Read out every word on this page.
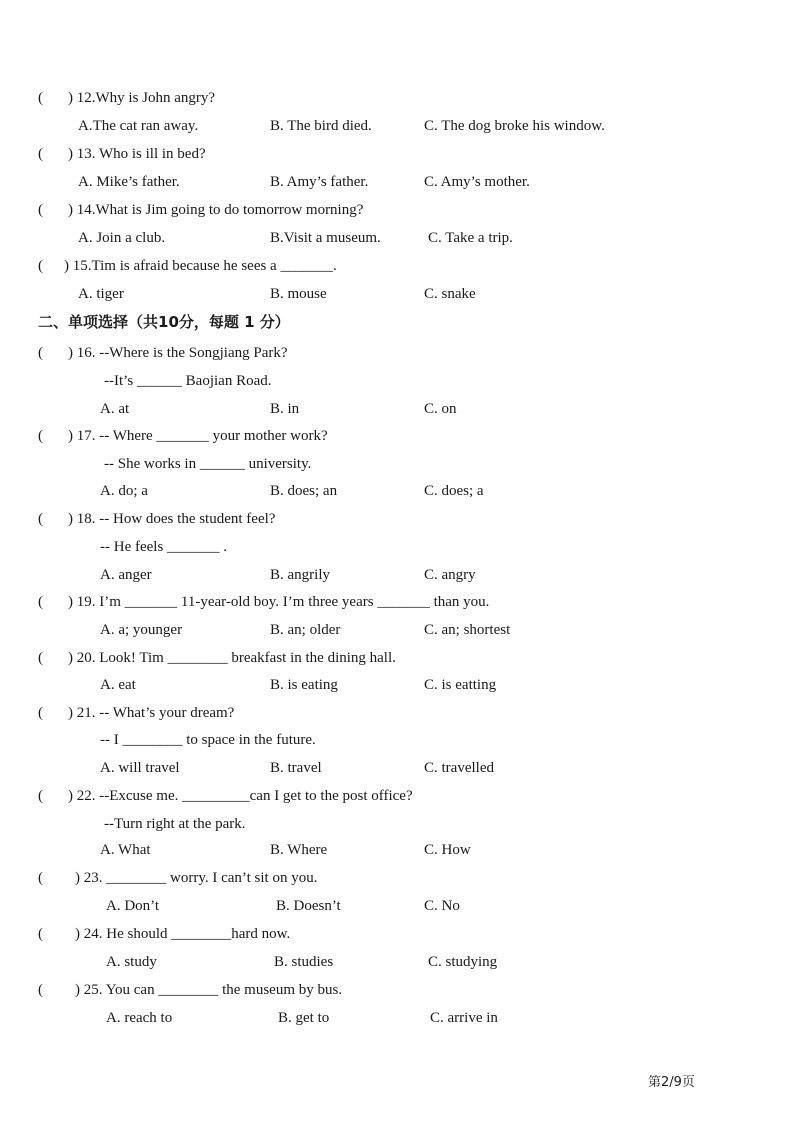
( ) 12.Why is John angry?
A.The cat ran away.	B. The bird died.	C. The dog broke his window.
( ) 13. Who is ill in bed?
A. Mike’s father.	B. Amy’s father.	C. Amy’s mother.
( ) 14.What is Jim going to do tomorrow morning?
A. Join a club.	B.Visit a museum.	C. Take a trip.
( ) 15.Tim is afraid because he sees a _______.
A. tiger	B. mouse	C. snake
二、单项选择（共10分，每题 1 分）
( ) 16. --Where is the Songjiang Park?
--It’s ______ Baojian Road.
A. at	B. in	C. on
( ) 17. -- Where _______ your mother work?
-- She works in ______ university.
A. do; a	B. does; an	C. does; a
( ) 18. -- How does the student feel?
-- He feels _______ .
A. anger	B. angrily	C. angry
( ) 19. I’m _______ 11-year-old boy. I’m three years _______ than you.
A. a; younger	B. an; older	C. an; shortest
( ) 20. Look! Tim ________ breakfast in the dining hall.
A. eat	B. is eating	C. is eatting
( ) 21. -- What’s your dream?
-- I ________ to space in the future.
A. will travel	B. travel	C. travelled
( ) 22. --Excuse me. _________can I get to the post office?
--Turn right at the park.
A. What	B. Where	C. How
( ) 23. ________ worry. I can’t sit on you.
A. Don’t	B. Doesn’t	C. No
( ) 24. He should ________hard now.
A. study	B. studies	C. studying
( ) 25. You can ________ the museum by bus.
A. reach to	B. get to	C. arrive in
第2/9页
